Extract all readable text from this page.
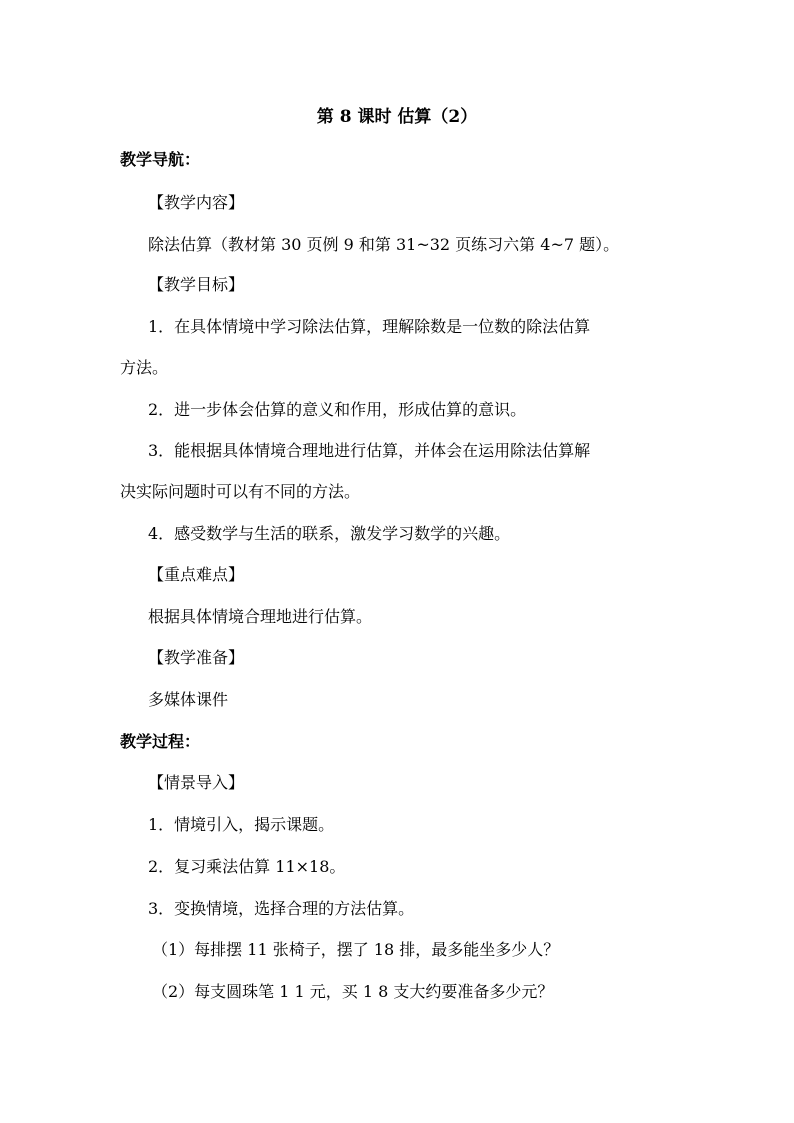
第 8 课时 估算（2）
教学导航：
【教学内容】
除法估算（教材第 30 页例 9 和第 31~32 页练习六第 4~7 题）。
【教学目标】
1．在具体情境中学习除法估算，理解除数是一位数的除法估算
方法。
2．进一步体会估算的意义和作用，形成估算的意识。
3．能根据具体情境合理地进行估算，并体会在运用除法估算解
决实际问题时可以有不同的方法。
4．感受数学与生活的联系，激发学习数学的兴趣。
【重点难点】
根据具体情境合理地进行估算。
【教学准备】
多媒体课件
教学过程：
【情景导入】
1．情境引入，揭示课题。
2．复习乘法估算 11×18。
3．变换情境，选择合理的方法估算。
（1）每排摆 11 张椅子，摆了 18 排，最多能坐多少人？
（2）每支圆珠笔 1 1 元，买 1 8 支大约要准备多少元？
